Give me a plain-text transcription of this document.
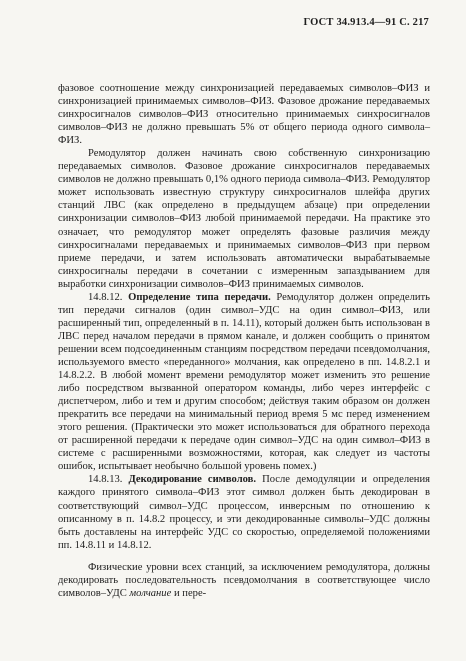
ГОСТ 34.913.4—91 С. 217

фазовое соотношение между синхронизацией передаваемых символов–ФИЗ и синхронизацией принимаемых символов–ФИЗ. Фазовое дрожание передаваемых синхросигналов символов–ФИЗ относительно принимаемых синхросигналов символов–ФИЗ не должно превышать 5% от общего периода одного символа–ФИЗ.

Ремодулятор должен начинать свою собственную синхронизацию передаваемых символов. Фазовое дрожание синхросигналов передаваемых символов не должно превышать 0,1% одного периода символа–ФИЗ. Ремодулятор может использовать известную структуру синхросигналов шлейфа других станций ЛВС (как определено в предыдущем абзаце) при определении синхронизации символов–ФИЗ любой принимаемой передачи. На практике это означает, что ремодулятор может определять фазовые различия между синхросигналами передаваемых и принимаемых символов–ФИЗ при первом приеме передачи, и затем использовать автоматически вырабатываемые синхросигналы передачи в сочетании с измеренным запаздыванием для выработки синхронизации символов–ФИЗ принимаемых символов.

14.8.12. Определение типа передачи. Ремодулятор должен определить тип передачи сигналов (один символ–УДС на один символ–ФИЗ, или расширенный тип, определенный в п. 14.11), который должен быть использован в ЛВС перед началом передачи в прямом канале, и должен сообщить о принятом решении всем подсоединенным станциям посредством передачи псевдомолчания, используемого вместо «переданного» молчания, как определено в пп. 14.8.2.1 и 14.8.2.2. В любой момент времени ремодулятор может изменить это решение либо посредством вызванной оператором команды, либо через интерфейс с диспетчером, либо и тем и другим способом; действуя таким образом он должен прекратить все передачи на минимальный период время 5 мс перед изменением этого решения. (Практически это может использоваться для обратного перехода от расширенной передачи к передаче один символ–УДС на один символ–ФИЗ в системе с расширенными возможностями, которая, как следует из частоты ошибок, испытывает необычно большой уровень помех.)

14.8.13. Декодирование символов. После демодуляции и определения каждого принятого символа–ФИЗ этот символ должен быть декодирован в соответствующий символ–УДС процессом, инверсным по отношению к описанному в п. 14.8.2 процессу, и эти декодированные символы–УДС должны быть доставлены на интерфейс УДС со скоростью, определяемой положениями пп. 14.8.11 и 14.8.12.

Физические уровни всех станций, за исключением ремодулятора, должны декодировать последовательность псевдомолчания в соответствующее число символов–УДС молчание и пере-
